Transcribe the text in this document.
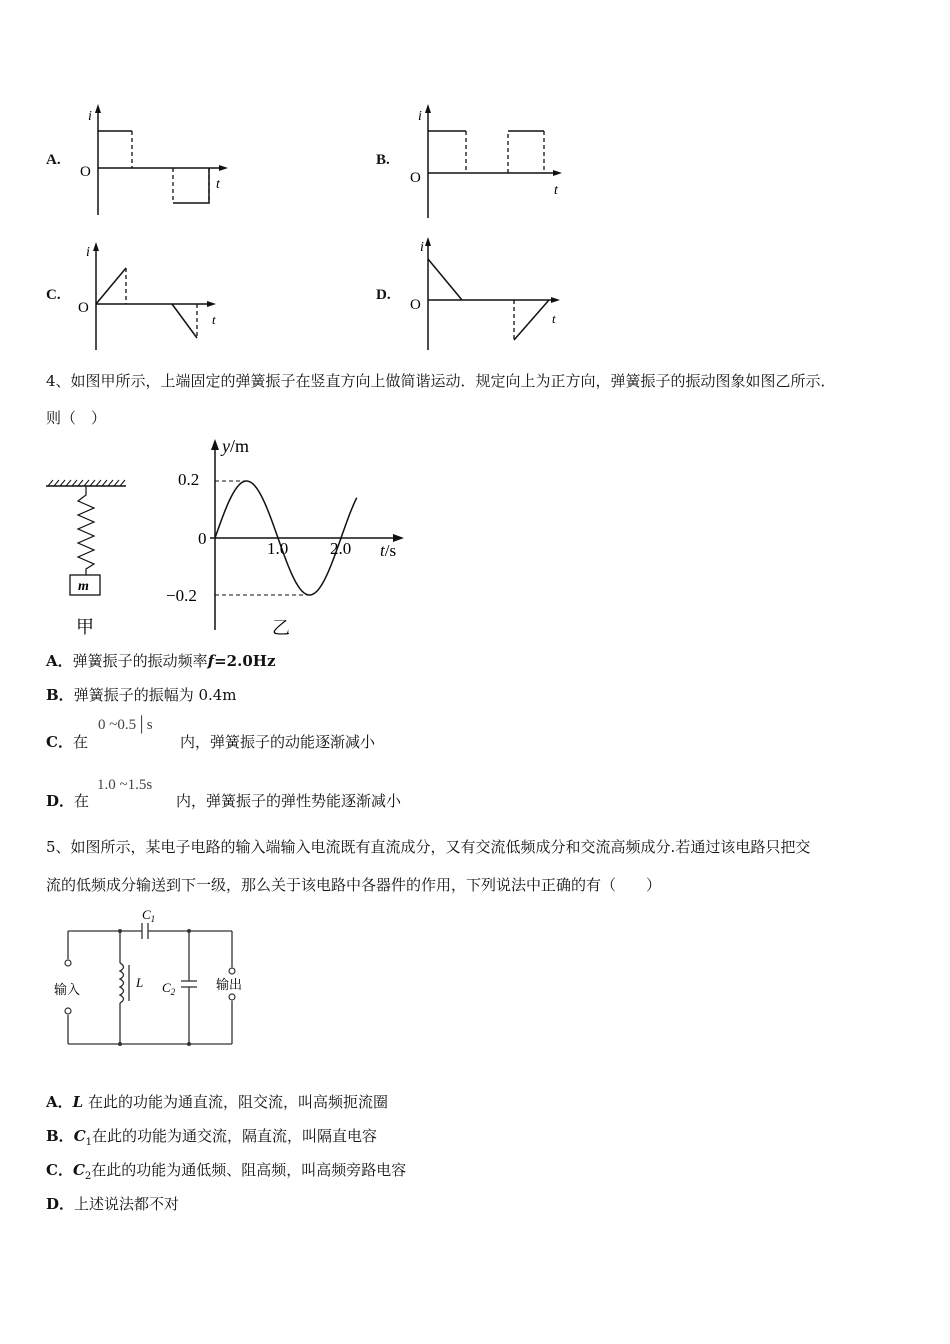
A.
i
t
O
B.
i
t
O
C.
i
t
O
D.
i
t
O
4、如图甲所示，上端固定的弹簧振子在竖直方向上做简谐运动．规定向上为正方向，弹簧振子的振动图象如图乙所示．
则（　）
m
甲
y/m
t/s
0.2
0
−0.2
1.0 2.0
乙
A．弹簧振子的振动频率f=2.0Hz
B．弹簧振子的振幅为 0.4m
C．在
0 ~0.5│s
内，弹簧振子的动能逐渐减小
D．在
1.0 ~1.5s
内，弹簧振子的弹性势能逐渐减小
5、如图所示，某电子电路的输入端输入电流既有直流成分，又有交流低频成分和交流高频成分.若通过该电路只把交
流的低频成分输送到下一级，那么关于该电路中各器件的作用，下列说法中正确的有（　　）
$C_1$
L $C_2$
输入	输出
A．L 在此的功能为通直流，阻交流，叫高频扼流圈
B．$C_1$在此的功能为通交流，隔直流，叫隔直电容
C．$C_2$在此的功能为通低频、阻高频，叫高频旁路电容
D．上述说法都不对
